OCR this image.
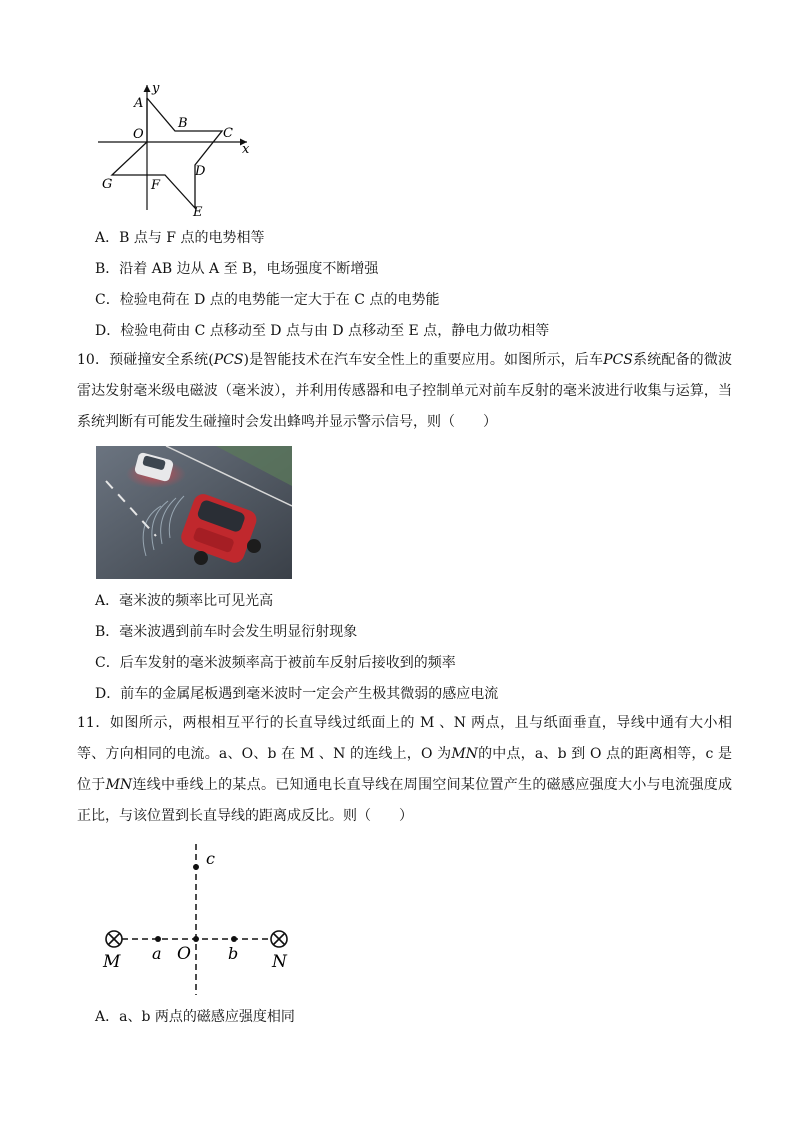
y
x
A
B
O	C
G	F
D
E
A．B 点与 F 点的电势相等
B．沿着 AB 边从 A 至 B，电场强度不断增强
C．检验电荷在 D 点的电势能一定大于在 C 点的电势能
D．检验电荷由 C 点移动至 D 点与由 D 点移动至 E 点，静电力做功相等
10．预碰撞安全系统(PCS)是智能技术在汽车安全性上的重要应用。如图所示，后车PCS系统配备的微波雷达发射毫米级电磁波（毫米波），并利用传感器和电子控制单元对前车反射的毫米波进行收集与运算，当系统判断有可能发生碰撞时会发出蜂鸣并显示警示信号，则（　　）
A．毫米波的频率比可见光高
B．毫米波遇到前车时会发生明显衍射现象
C．后车发射的毫米波频率高于被前车反射后接收到的频率
D．前车的金属尾板遇到毫米波时一定会产生极其微弱的感应电流
11．如图所示，两根相互平行的长直导线过纸面上的 M 、N 两点，且与纸面垂直，导线中通有大小相等、方向相同的电流。a、O、b 在 M 、N 的连线上，O 为MN的中点，a、b 到 O 点的距离相等，c 是位于MN连线中垂线上的某点。已知通电长直导线在周围空间某位置产生的磁感应强度大小与电流强度成正比，与该位置到长直导线的距离成反比。则（　　）
c
M a O b N
A．a、b 两点的磁感应强度相同
